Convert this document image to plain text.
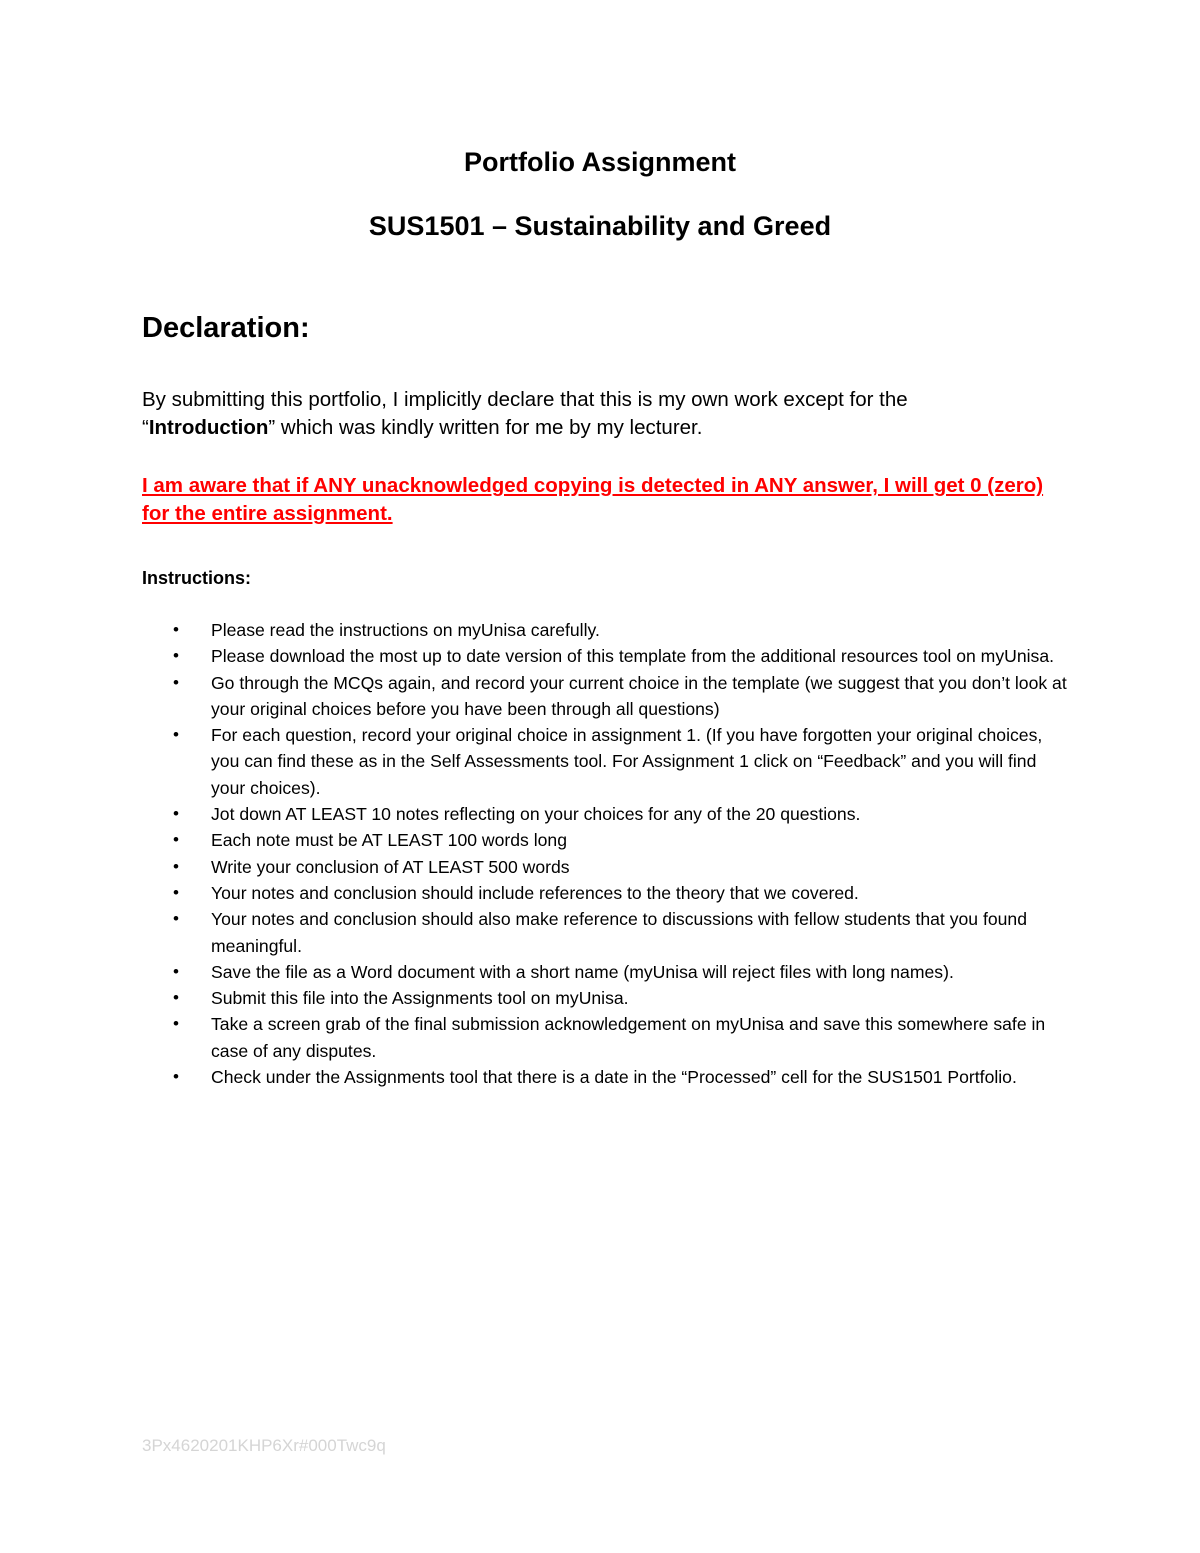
Portfolio Assignment
SUS1501 – Sustainability and Greed
Declaration:
By submitting this portfolio, I implicitly declare that this is my own work except for the
“Introduction” which was kindly written for me by my lecturer.
I am aware that if ANY unacknowledged copying is detected in ANY answer, I will get 0 (zero)
for the entire assignment.
Instructions:
• Please read the instructions on myUnisa carefully.
• Please download the most up to date version of this template from the additional resources tool on myUnisa.
• Go through the MCQs again, and record your current choice in the template (we suggest that you don’t look at your original choices before you have been through all questions)
• For each question, record your original choice in assignment 1. (If you have forgotten your original choices, you can find these as in the Self Assessments tool. For Assignment 1 click on “Feedback” and you will find your choices).
• Jot down AT LEAST 10 notes reflecting on your choices for any of the 20 questions.
• Each note must be AT LEAST 100 words long
• Write your conclusion of AT LEAST 500 words
• Your notes and conclusion should include references to the theory that we covered.
• Your notes and conclusion should also make reference to discussions with fellow students that you found meaningful.
• Save the file as a Word document with a short name (myUnisa will reject files with long names).
• Submit this file into the Assignments tool on myUnisa.
• Take a screen grab of the final submission acknowledgement on myUnisa and save this somewhere safe in case of any disputes.
• Check under the Assignments tool that there is a date in the “Processed” cell for the SUS1501 Portfolio.
3Px4620201KHP6Xr#000Twc9q
